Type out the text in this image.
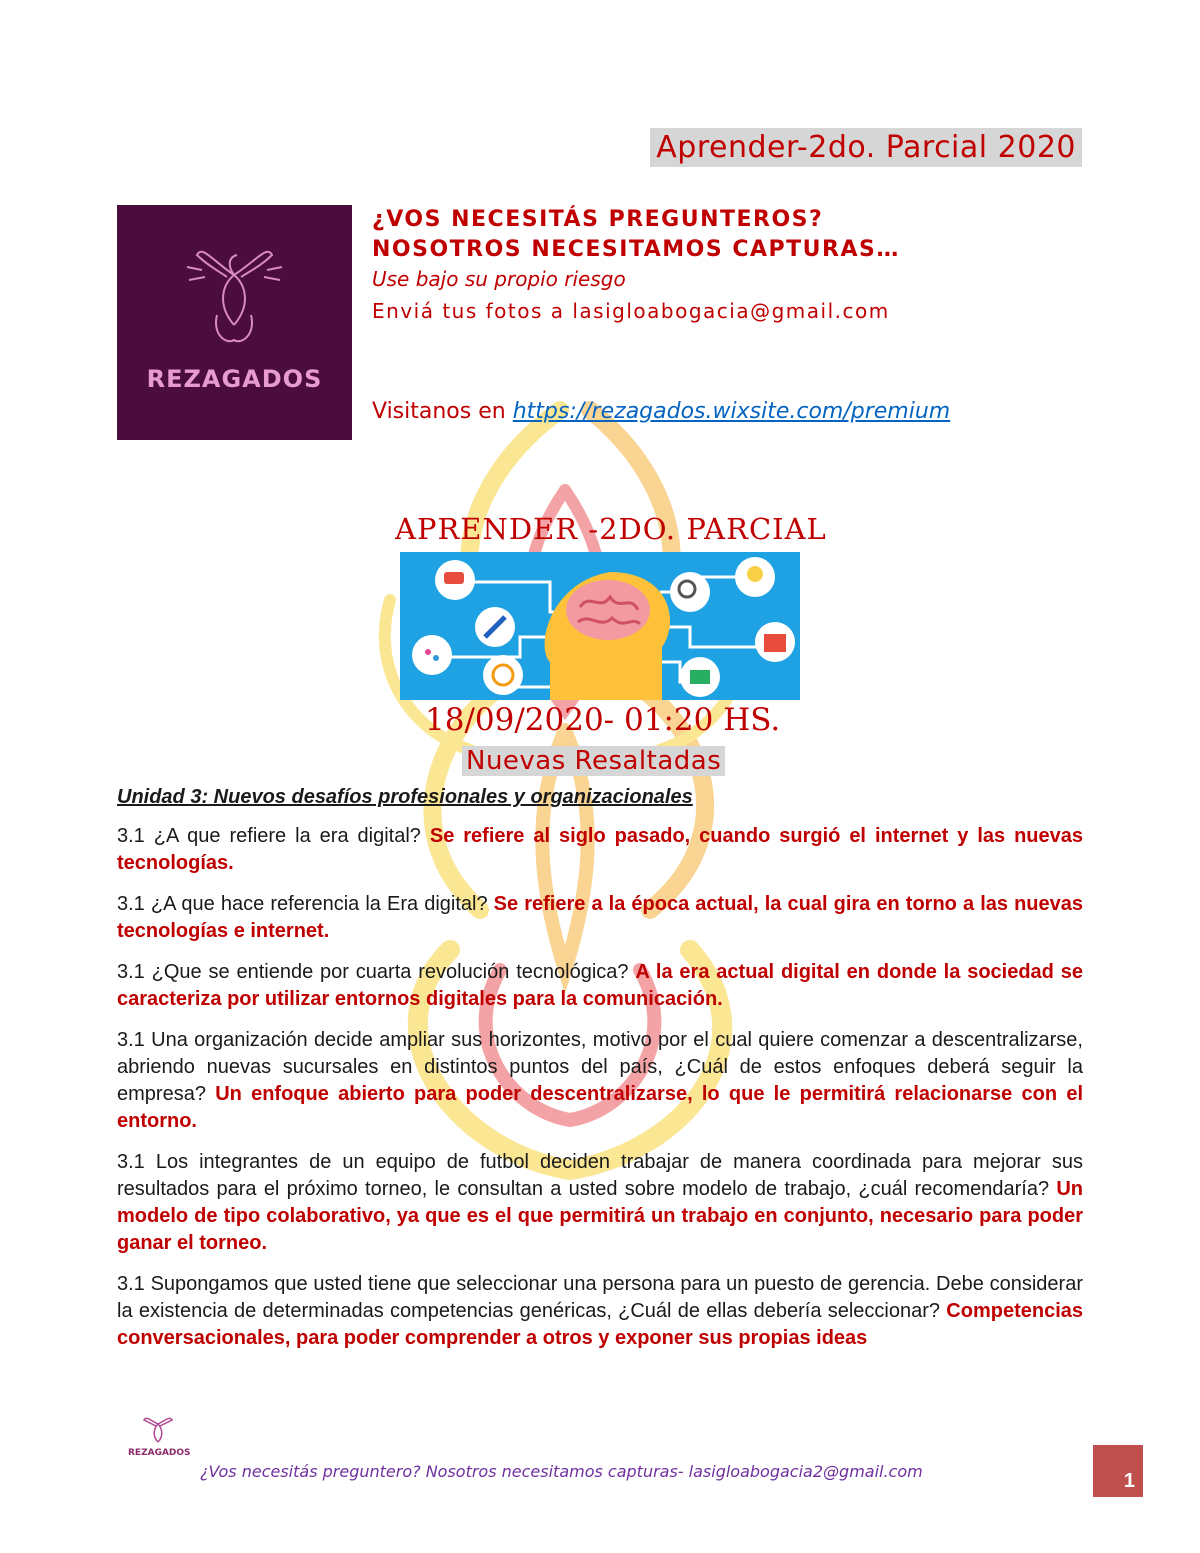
Aprender-2do. Parcial 2020
REZAGADOS
¿VOS NECESITÁS PREGUNTEROS?
NOSOTROS NECESITAMOS CAPTURAS…
Use bajo su propio riesgo
Enviá tus fotos a lasigloabogacia@gmail.com
Visitanos en https://rezagados.wixsite.com/premium
APRENDER -2DO. PARCIAL
18/09/2020- 01:20 HS.
Nuevas Resaltadas
Unidad 3: Nuevos desafíos profesionales y organizacionales

3.1 ¿A que refiere la era digital? Se refiere al siglo pasado, cuando surgió el internet y las nuevas tecnologías.

3.1 ¿A que hace referencia la Era digital? Se refiere a la época actual, la cual gira en torno a las nuevas tecnologías e internet.

3.1 ¿Que se entiende por cuarta revolución tecnológica? A la era actual digital en donde la sociedad se caracteriza por utilizar entornos digitales para la comunicación.

3.1 Una organización decide ampliar sus horizontes, motivo por el cual quiere comenzar a descentralizarse, abriendo nuevas sucursales en distintos puntos del país, ¿Cuál de estos enfoques deberá seguir la empresa? Un enfoque abierto para poder descentralizarse, lo que le permitirá relacionarse con el entorno.

3.1 Los integrantes de un equipo de futbol deciden trabajar de manera coordinada para mejorar sus resultados para el próximo torneo, le consultan a usted sobre modelo de trabajo, ¿cuál recomendaría? Un modelo de tipo colaborativo, ya que es el que permitirá un trabajo en conjunto, necesario para poder ganar el torneo.

3.1 Supongamos que usted tiene que seleccionar una persona para un puesto de gerencia. Debe considerar la existencia de determinadas competencias genéricas, ¿Cuál de ellas debería seleccionar? Competencias conversacionales, para poder comprender a otros y exponer sus propias ideas

REZAGADOS
¿Vos necesitás preguntero? Nosotros necesitamos capturas- lasigloabogacia2@gmail.com	1
